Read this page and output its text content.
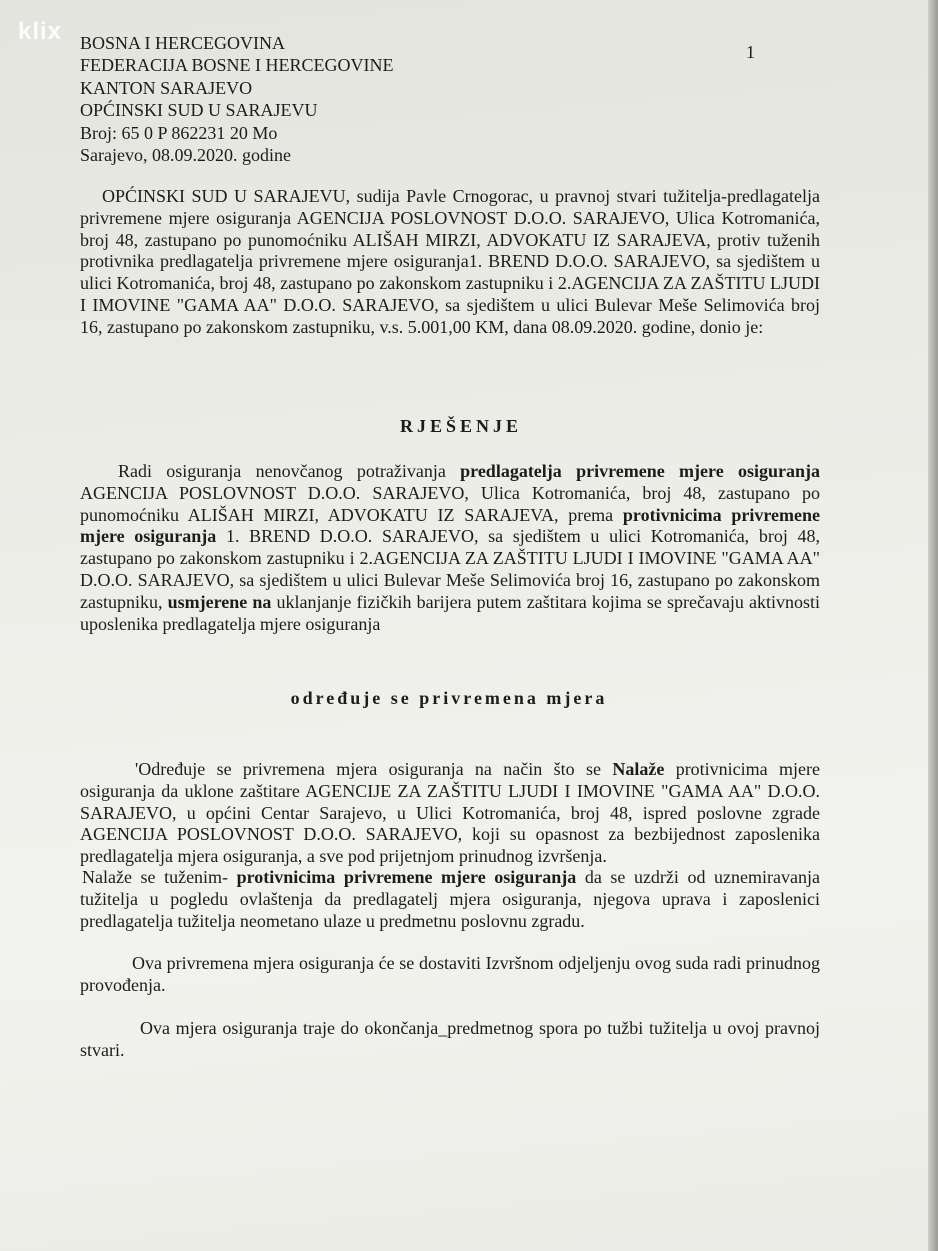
klix
1
BOSNA I HERCEGOVINA
FEDERACIJA BOSNE I HERCEGOVINE
KANTON SARAJEVO
OPĆINSKI SUD U SARAJEVU
Broj: 65 0 P 862231 20 Mo
Sarajevo, 08.09.2020. godine
OPĆINSKI SUD U SARAJEVU, sudija Pavle Crnogorac, u pravnoj stvari tužitelja-predlagatelja privremene mjere osiguranja AGENCIJA POSLOVNOST D.O.O. SARAJEVO, Ulica Kotromanića, broj 48, zastupano po punomoćniku ALIŠAH MIRZI, ADVOKATU IZ SARAJEVA, protiv tuženih protivnika predlagatelja privremene mjere osiguranja1. BREND D.O.O. SARAJEVO, sa sjedištem u ulici Kotromanića, broj 48, zastupano po zakonskom zastupniku i 2.AGENCIJA ZA ZAŠTITU LJUDI I IMOVINE "GAMA AA" D.O.O. SARAJEVO, sa sjedištem u ulici Bulevar Meše Selimovića broj 16, zastupano po zakonskom zastupniku, v.s. 5.001,00 KM, dana 08.09.2020. godine, donio je:
RJEŠENJE
Radi osiguranja nenovčanog potraživanja predlagatelja privremene mjere osiguranja AGENCIJA POSLOVNOST D.O.O. SARAJEVO, Ulica Kotromanića, broj 48, zastupano po punomoćniku ALIŠAH MIRZI, ADVOKATU IZ SARAJEVA, prema protivnicima privremene mjere osiguranja 1. BREND D.O.O. SARAJEVO, sa sjedištem u ulici Kotromanića, broj 48, zastupano po zakonskom zastupniku i 2.AGENCIJA ZA ZAŠTITU LJUDI I IMOVINE "GAMA AA" D.O.O. SARAJEVO, sa sjedištem u ulici Bulevar Meše Selimovića broj 16, zastupano po zakonskom zastupniku, usmjerene na uklanjanje fizičkih barijera putem zaštitara kojima se sprečavaju aktivnosti uposlenika predlagatelja mjere osiguranja
određuje se privremena mjera
'Određuje se privremena mjera osiguranja na način što se Nalaže protivnicima mjere osiguranja da uklone zaštitare AGENCIJE ZA ZAŠTITU LJUDI I IMOVINE "GAMA AA" D.O.O. SARAJEVO, u općini Centar Sarajevo, u Ulici Kotromanića, broj 48, ispred poslovne zgrade AGENCIJA POSLOVNOST D.O.O. SARAJEVO, koji su opasnost za bezbijednost zaposlenika predlagatelja mjera osiguranja, a sve pod prijetnjom prinudnog izvršenja.
Nalaže se tuženim- protivnicima privremene mjere osiguranja da se uzdrži od uznemiravanja tužitelja u pogledu ovlaštenja da predlagatelj mjera osiguranja, njegova uprava i zaposlenici predlagatelja tužitelja neometano ulaze u predmetnu poslovnu zgradu.
Ova privremena mjera osiguranja će se dostaviti Izvršnom odjeljenju ovog suda radi prinudnog provođenja.
Ova mjera osiguranja traje do okončanja_predmetnog spora po tužbi tužitelja u ovoj pravnoj stvari.
